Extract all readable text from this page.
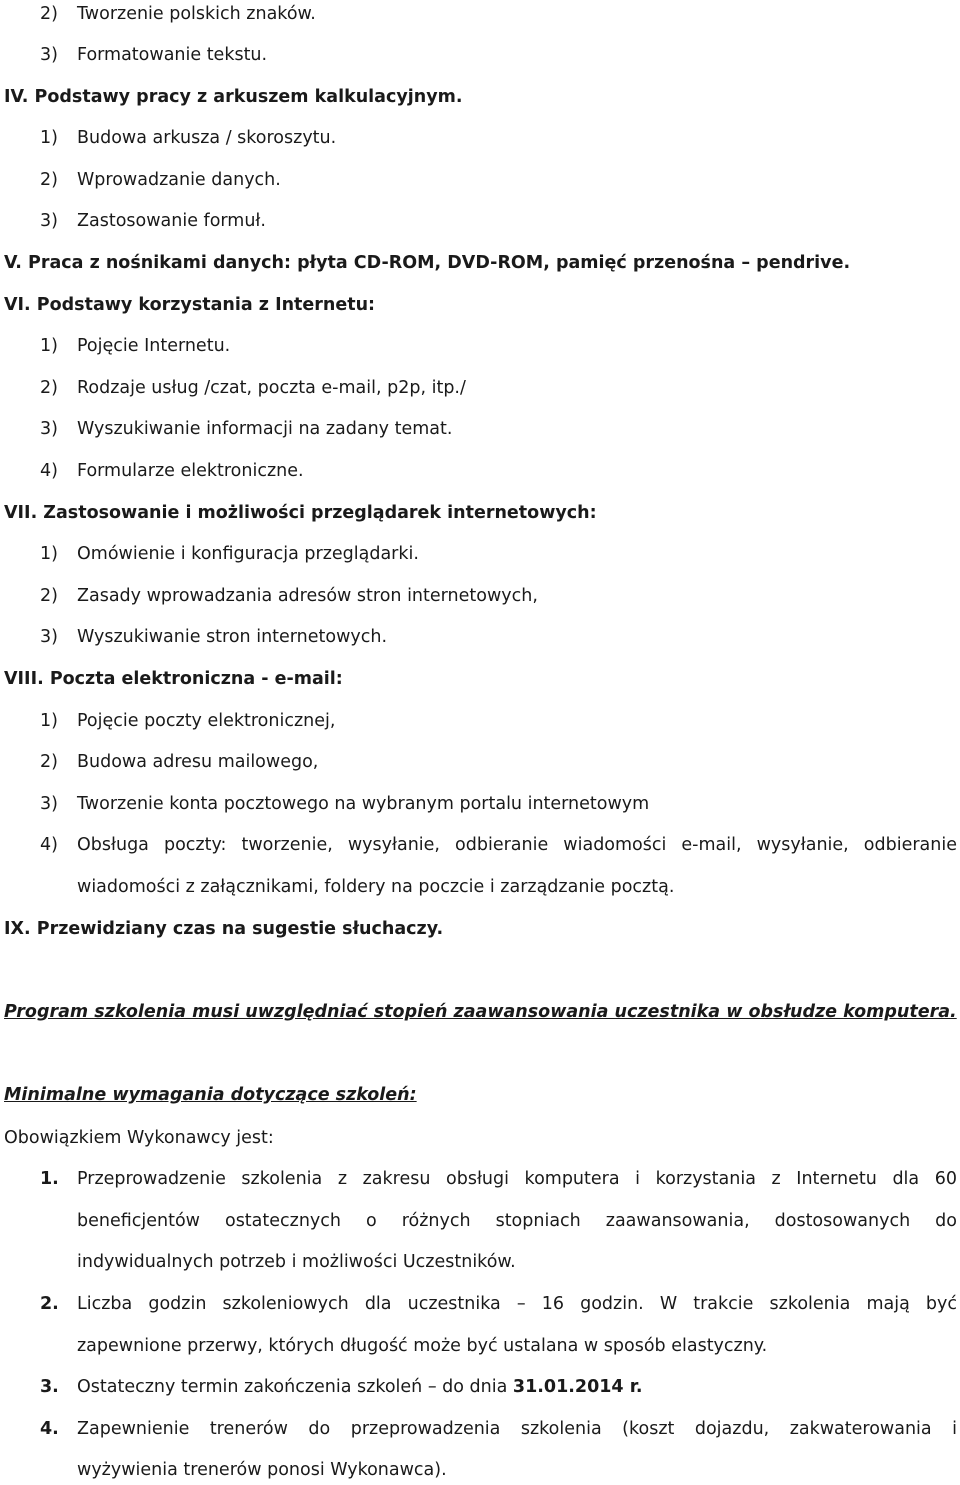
2) Tworzenie polskich znaków.
3) Formatowanie tekstu.
IV. Podstawy pracy z arkuszem kalkulacyjnym.
1) Budowa arkusza / skoroszytu.
2) Wprowadzanie danych.
3) Zastosowanie formuł.
V. Praca z nośnikami danych: płyta CD-ROM, DVD-ROM, pamięć przenośna – pendrive.
VI. Podstawy korzystania z Internetu:
1) Pojęcie Internetu.
2) Rodzaje usług /czat, poczta e-mail, p2p, itp./
3) Wyszukiwanie informacji na zadany temat.
4) Formularze elektroniczne.
VII. Zastosowanie i możliwości przeglądarek internetowych:
1) Omówienie i konfiguracja przeglądarki.
2) Zasady wprowadzania adresów stron internetowych,
3) Wyszukiwanie stron internetowych.
VIII. Poczta elektroniczna - e-mail:
1) Pojęcie poczty elektronicznej,
2) Budowa adresu mailowego,
3) Tworzenie konta pocztowego na wybranym portalu internetowym
4) Obsługa poczty: tworzenie, wysyłanie, odbieranie wiadomości e-mail, wysyłanie, odbieranie
wiadomości z załącznikami, foldery na poczcie i zarządzanie pocztą.
IX. Przewidziany czas na sugestie słuchaczy.
Program szkolenia musi uwzględniać stopień zaawansowania uczestnika w obsłudze komputera.
Minimalne wymagania dotyczące szkoleń:
Obowiązkiem Wykonawcy jest:
1. Przeprowadzenie szkolenia z zakresu obsługi komputera i korzystania z Internetu dla 60
beneficjentów ostatecznych o różnych stopniach zaawansowania, dostosowanych do
indywidualnych potrzeb i możliwości Uczestników.
2. Liczba godzin szkoleniowych dla uczestnika – 16 godzin. W trakcie szkolenia mają być
zapewnione przerwy, których długość może być ustalana w sposób elastyczny.
3. Ostateczny termin zakończenia szkoleń – do dnia 31.01.2014 r.
4. Zapewnienie trenerów do przeprowadzenia szkolenia (koszt dojazdu, zakwaterowania i
wyżywienia trenerów ponosi Wykonawca).
